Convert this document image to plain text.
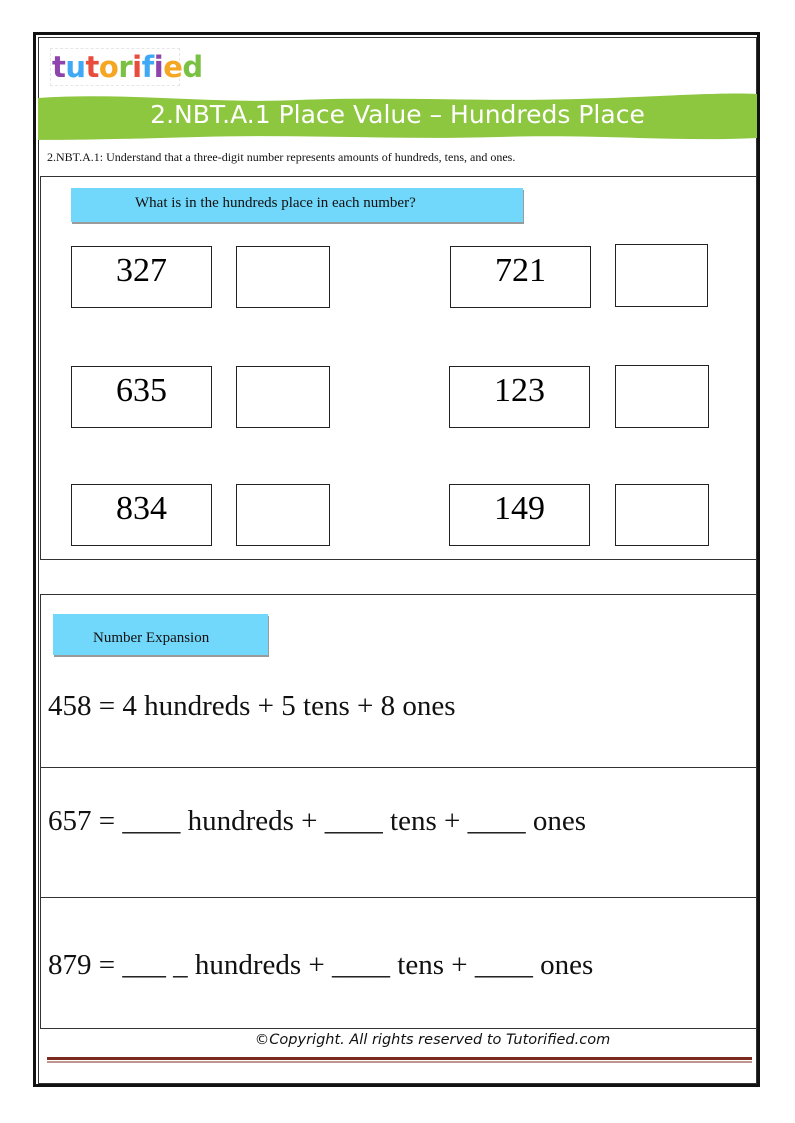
tutorified
2.NBT.A.1 Place Value – Hundreds Place
2.NBT.A.1: Understand that a three-digit number represents amounts of hundreds, tens, and ones.
What is in the hundreds place in each number?
327	721
635	123
834	149
Number Expansion
458 = 4 hundreds + 5 tens + 8 ones
657 = ____ hundreds + ____ tens + ____ ones
879 = ___ _ hundreds + ____ tens + ____ ones
©Copyright. All rights reserved to Tutorified.com
